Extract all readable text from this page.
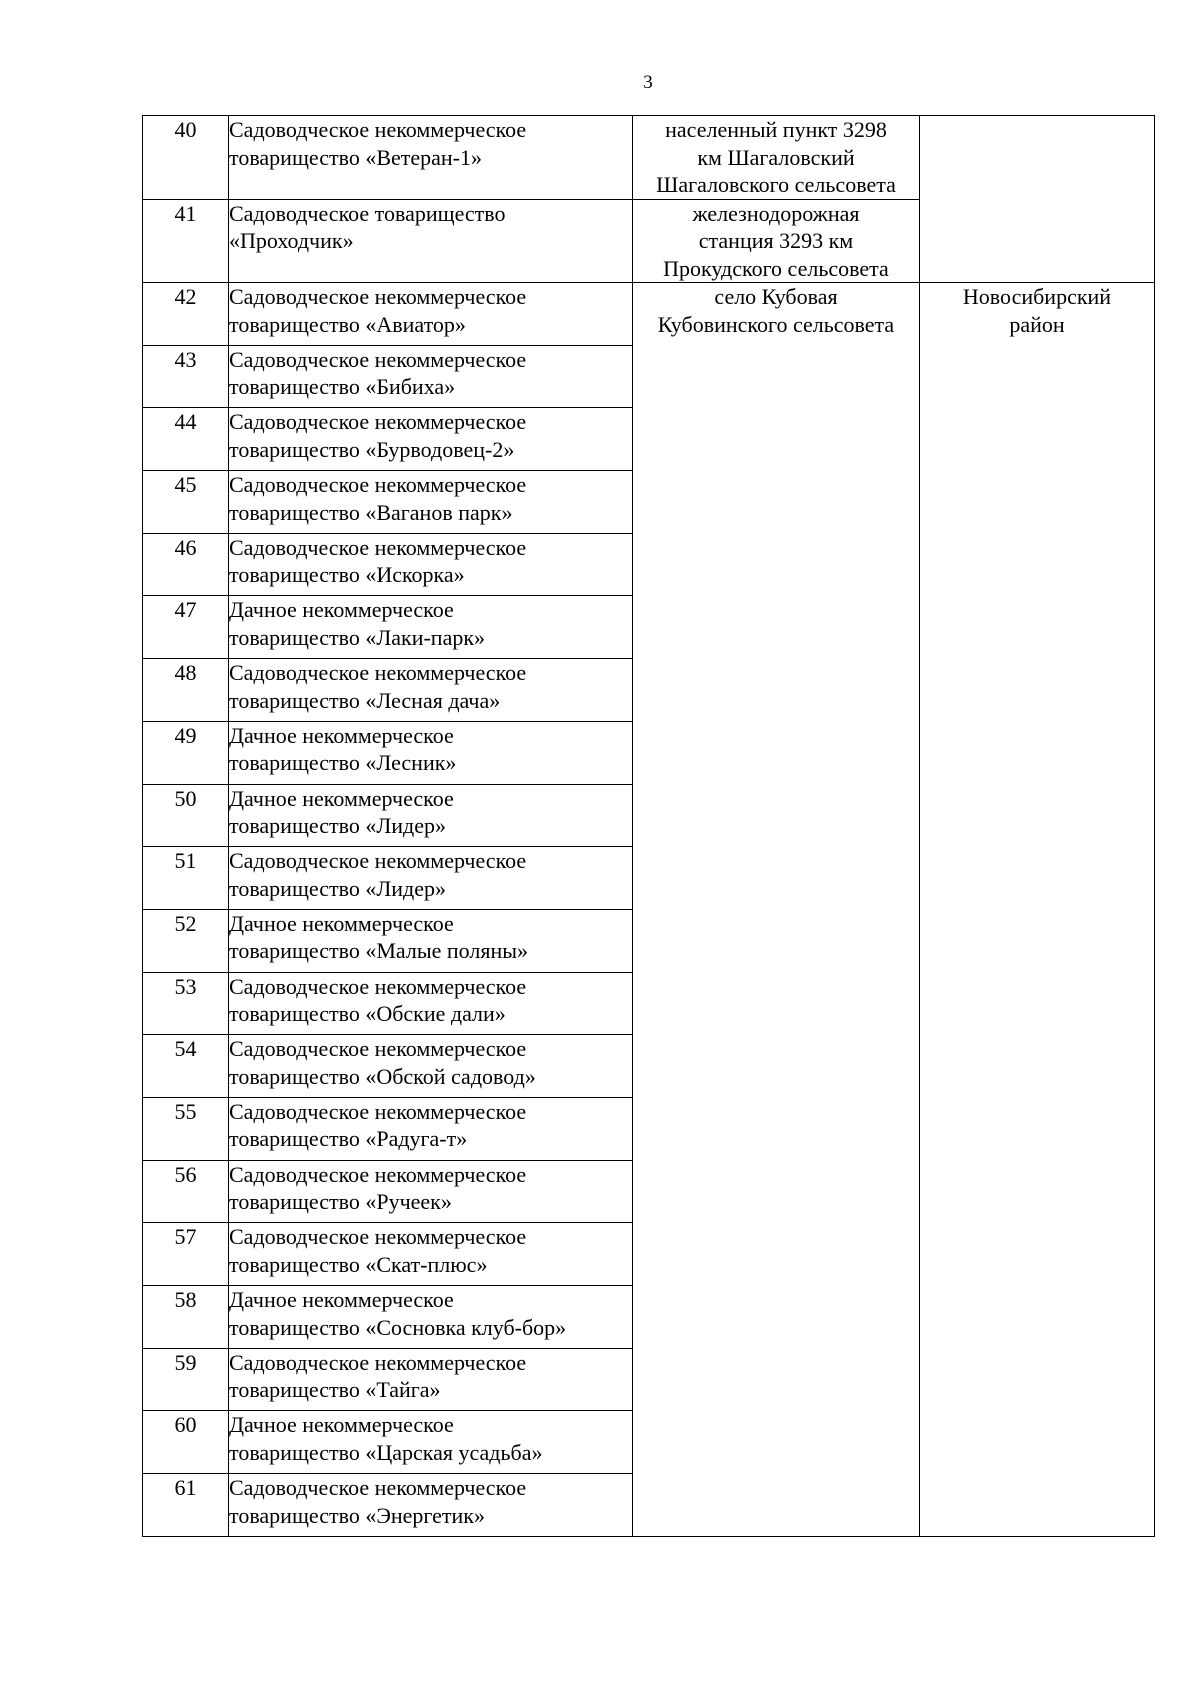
3
40	Садоводческое некоммерческое
товарищество «Ветеран-1»	населенный пункт 3298
км Шагаловский
Шагаловского сельсовета	
41	Садоводческое товарищество
«Проходчик»	железнодорожная
станция 3293 км
Прокудского сельсовета	
42	Садоводческое некоммерческое
товарищество «Авиатор»	село Кубовая
Кубовинского сельсовета	Новосибирский
район
43	Садоводческое некоммерческое
товарищество «Бибиха»		
44	Садоводческое некоммерческое
товарищество «Бурводовец-2»		
45	Садоводческое некоммерческое
товарищество «Ваганов парк»		
46	Садоводческое некоммерческое
товарищество «Искорка»		
47	Дачное некоммерческое
товарищество «Лаки-парк»		
48	Садоводческое некоммерческое
товарищество «Лесная дача»		
49	Дачное некоммерческое
товарищество «Лесник»		
50	Дачное некоммерческое
товарищество «Лидер»		
51	Садоводческое некоммерческое
товарищество «Лидер»		
52	Дачное некоммерческое
товарищество «Малые поляны»		
53	Садоводческое некоммерческое
товарищество «Обские дали»		
54	Садоводческое некоммерческое
товарищество «Обской садовод»		
55	Садоводческое некоммерческое
товарищество «Радуга-т»		
56	Садоводческое некоммерческое
товарищество «Ручеек»		
57	Садоводческое некоммерческое
товарищество «Скат-плюс»		
58	Дачное некоммерческое
товарищество «Сосновка клуб-бор»		
59	Садоводческое некоммерческое
товарищество «Тайга»		
60	Дачное некоммерческое
товарищество «Царская усадьба»		
61	Садоводческое некоммерческое
товарищество «Энергетик»		
